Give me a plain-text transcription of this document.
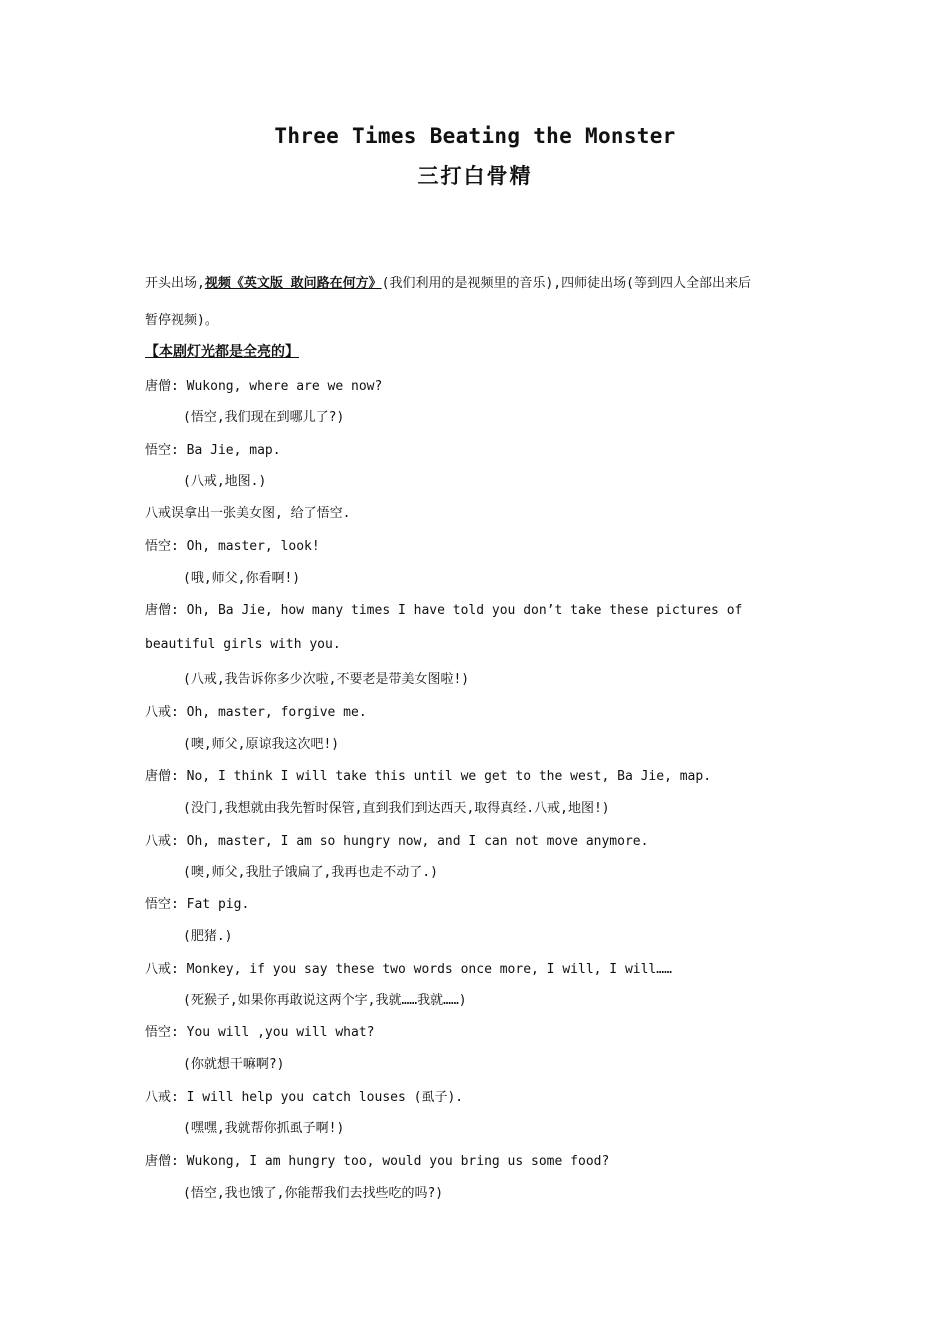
Three Times Beating the Monster
三打白骨精
开头出场,视频《英文版 敢问路在何方》(我们利用的是视频里的音乐),四师徒出场(等到四人全部出来后
暂停视频)。
【本剧灯光都是全亮的】
唐僧: Wukong, where are we now?
(悟空,我们现在到哪儿了?)
悟空: Ba Jie, map.
(八戒,地图.)
八戒误拿出一张美女图, 给了悟空.
悟空: Oh, master, look!
(哦,师父,你看啊!)
唐僧: Oh, Ba Jie, how many times I have told you don’t take these pictures of
beautiful girls with you.
(八戒,我告诉你多少次啦,不要老是带美女图啦!)
八戒: Oh, master, forgive me.
(噢,师父,原谅我这次吧!)
唐僧: No, I think I will take this until we get to the west, Ba Jie, map.
(没门,我想就由我先暂时保管,直到我们到达西天,取得真经.八戒,地图!)
八戒: Oh, master, I am so hungry now, and I can not move anymore.
(噢,师父,我肚子饿扁了,我再也走不动了.)
悟空: Fat pig.
(肥猪.)
八戒: Monkey, if you say these two words once more, I will, I will……
(死猴子,如果你再敢说这两个字,我就……我就……)
悟空: You will ,you will what?
(你就想干嘛啊?)
八戒: I will help you catch louses (虱子).
(嘿嘿,我就帮你抓虱子啊!)
唐僧: Wukong, I am hungry too, would you bring us some food?
(悟空,我也饿了,你能帮我们去找些吃的吗?)
